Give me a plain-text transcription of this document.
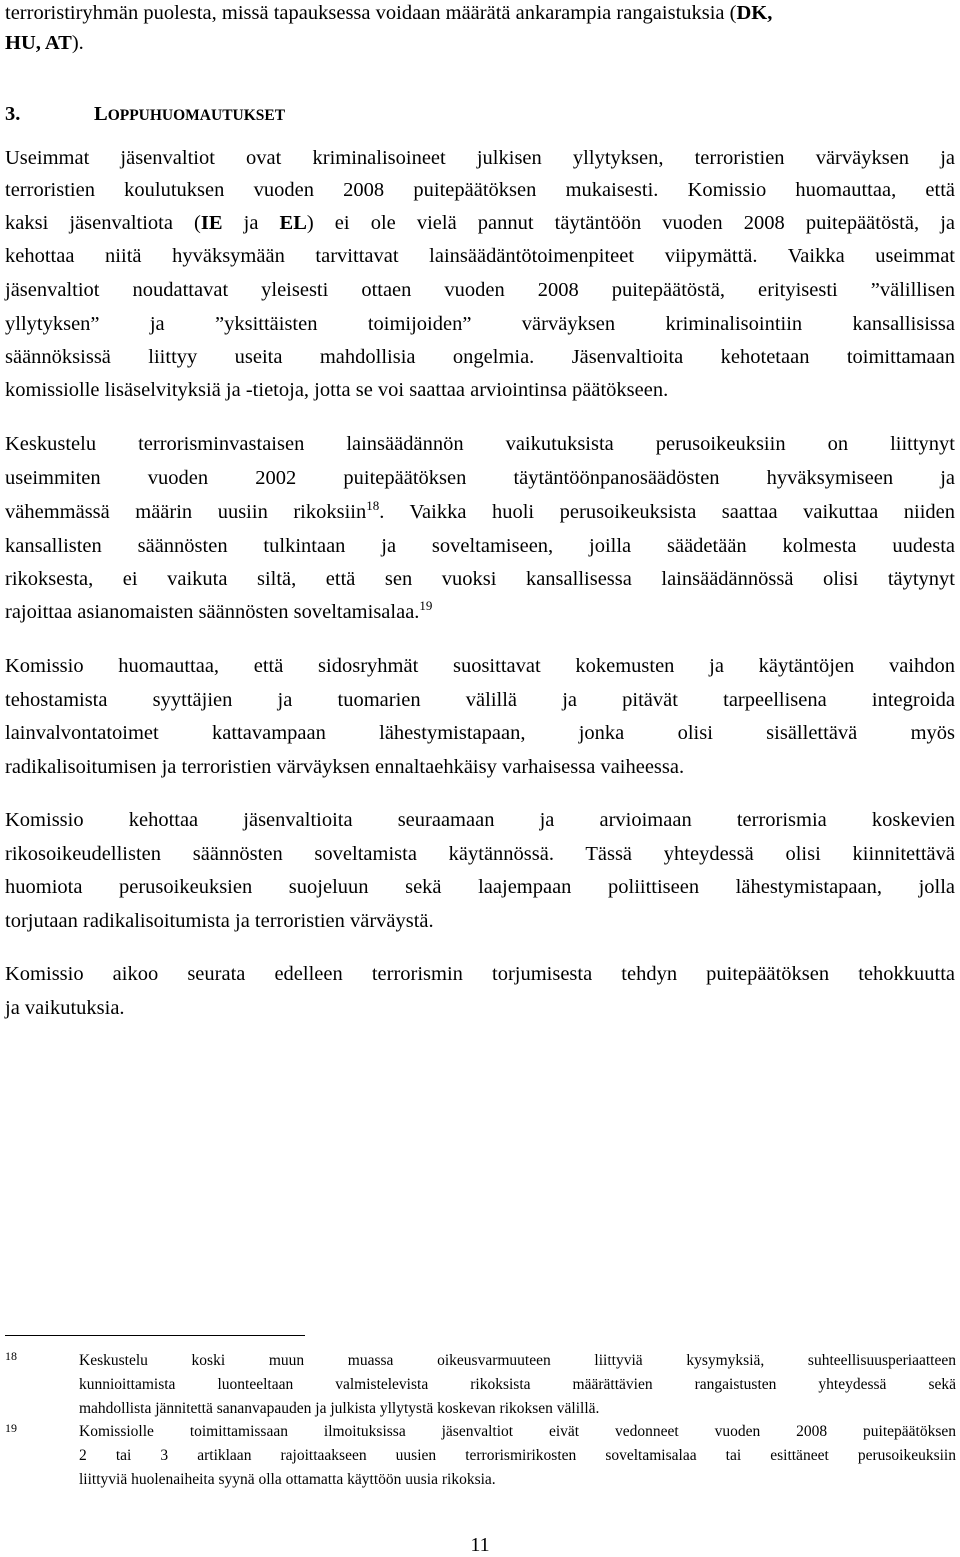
terroristiryhmän puolesta, missä tapauksessa voidaan määrätä ankarampia rangaistuksia (DK,
HU, AT).
3.	LOPPUHUOMAUTUKSET
Useimmat jäsenvaltiot ovat kriminalisoineet julkisen yllytyksen, terroristien värväyksen ja
terroristien koulutuksen vuoden 2008 puitepäätöksen mukaisesti. Komissio huomauttaa, että
kaksi jäsenvaltiota (IE ja EL) ei ole vielä pannut täytäntöön vuoden 2008 puitepäätöstä, ja
kehottaa niitä hyväksymään tarvittavat lainsäädäntötoimenpiteet viipymättä. Vaikka useimmat
jäsenvaltiot noudattavat yleisesti ottaen vuoden 2008 puitepäätöstä, erityisesti ”välillisen
yllytyksen” ja ”yksittäisten toimijoiden” värväyksen kriminalisointiin kansallisissa
säännöksissä liittyy useita mahdollisia ongelmia. Jäsenvaltioita kehotetaan toimittamaan
komissiolle lisäselvityksiä ja -tietoja, jotta se voi saattaa arviointinsa päätökseen.
Keskustelu terrorisminvastaisen lainsäädännön vaikutuksista perusoikeuksiin on liittynyt
useimmiten vuoden 2002 puitepäätöksen täytäntöönpanosäädösten hyväksymiseen ja
vähemmässä määrin uusiin rikoksiin$^{18}$. Vaikka huoli perusoikeuksista saattaa vaikuttaa niiden
kansallisten säännösten tulkintaan ja soveltamiseen, joilla säädetään kolmesta uudesta
rikoksesta, ei vaikuta siltä, että sen vuoksi kansallisessa lainsäädännössä olisi täytynyt
rajoittaa asianomaisten säännösten soveltamisalaa.$^{19}$
Komissio huomauttaa, että sidosryhmät suosittavat kokemusten ja käytäntöjen vaihdon
tehostamista syyttäjien ja tuomarien välillä ja pitävät tarpeellisena integroida
lainvalvontatoimet kattavampaan lähestymistapaan, jonka olisi sisällettävä myös
radikalisoitumisen ja terroristien värväyksen ennaltaehkäisy varhaisessa vaiheessa.
Komissio kehottaa jäsenvaltioita seuraamaan ja arvioimaan terrorismia koskevien
rikosoikeudellisten säännösten soveltamista käytännössä. Tässä yhteydessä olisi kiinnitettävä
huomiota perusoikeuksien suojeluun sekä laajempaan poliittiseen lähestymistapaan, jolla
torjutaan radikalisoitumista ja terroristien värväystä.
Komissio aikoo seurata edelleen terrorismin torjumisesta tehdyn puitepäätöksen tehokkuutta
ja vaikutuksia.
18	Keskustelu koski muun muassa oikeusvarmuuteen liittyviä kysymyksiä, suhteellisuusperiaatteen
kunnioittamista luonteeltaan valmistelevista rikoksista määrättävien rangaistusten yhteydessä sekä
mahdollista jännitettä sananvapauden ja julkista yllytystä koskevan rikoksen välillä.
19	Komissiolle toimittamissaan ilmoituksissa jäsenvaltiot eivät vedonneet vuoden 2008 puitepäätöksen
2 tai 3 artiklaan rajoittaakseen uusien terrorismirikosten soveltamisalaa tai esittäneet perusoikeuksiin
liittyviä huolenaiheita syynä olla ottamatta käyttöön uusia rikoksia.
11
